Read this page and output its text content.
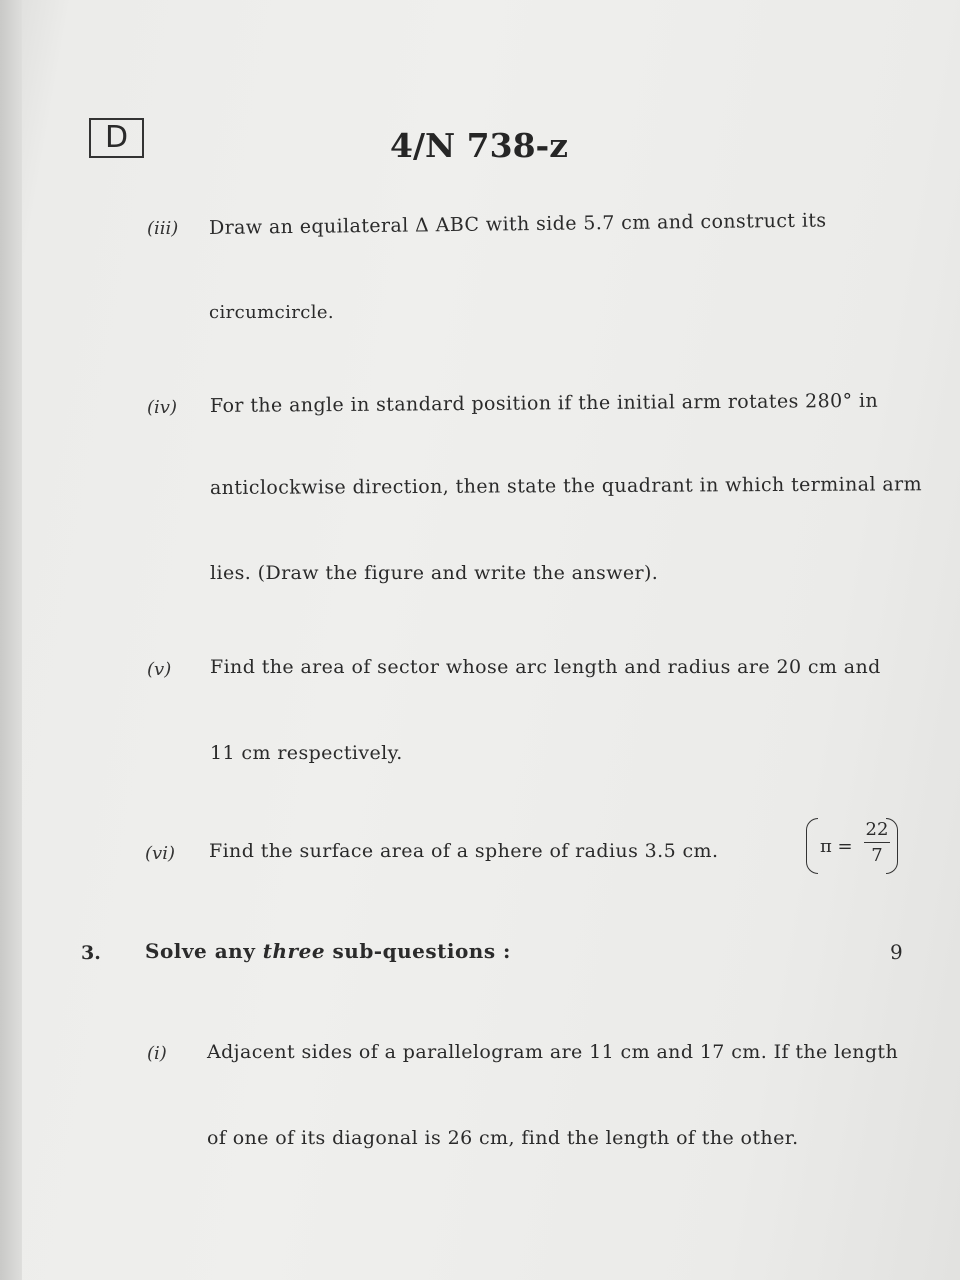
D	4/N 738-z
(iii) Draw an equilateral Δ ABC with side 5.7 cm and construct its
circumcircle.
(iv) For the angle in standard position if the initial arm rotates 280° in
anticlockwise direction, then state the quadrant in which terminal arm
lies. (Draw the figure and write the answer).
(v) Find the area of sector whose arc length and radius are 20 cm and
11 cm respectively.
(vi) Find the surface area of a sphere of radius 3.5 cm.	π =
22
7
3. Solve any three sub-questions :	9
(i) Adjacent sides of a parallelogram are 11 cm and 17 cm. If the length
of one of its diagonal is 26 cm, find the length of the other.
